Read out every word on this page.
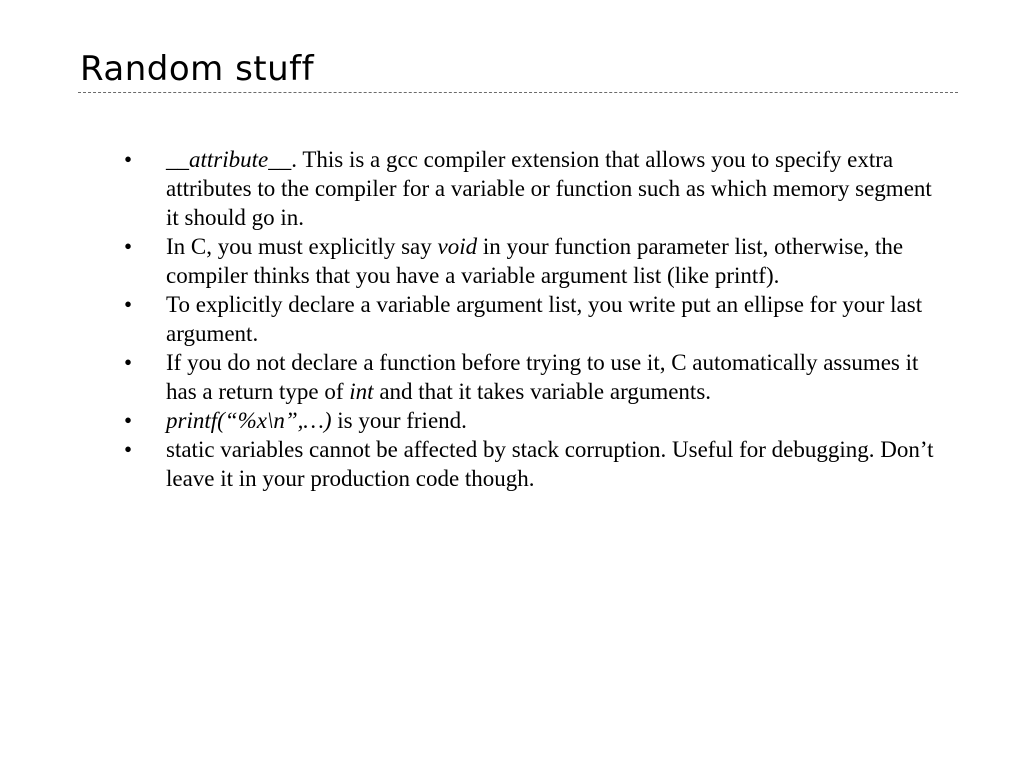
Random stuff
• __attribute__. This is a gcc compiler extension that allows you to specify extra attributes to the compiler for a variable or function such as which memory segment it should go in.
• In C, you must explicitly say void in your function parameter list, otherwise, the compiler thinks that you have a variable argument list (like printf).
• To explicitly declare a variable argument list, you write put an ellipse for your last argument.
• If you do not declare a function before trying to use it, C automatically assumes it has a return type of int and that it takes variable arguments.
• printf(“%x\n”,…) is your friend.
• static variables cannot be affected by stack corruption. Useful for debugging. Don’t leave it in your production code though.
